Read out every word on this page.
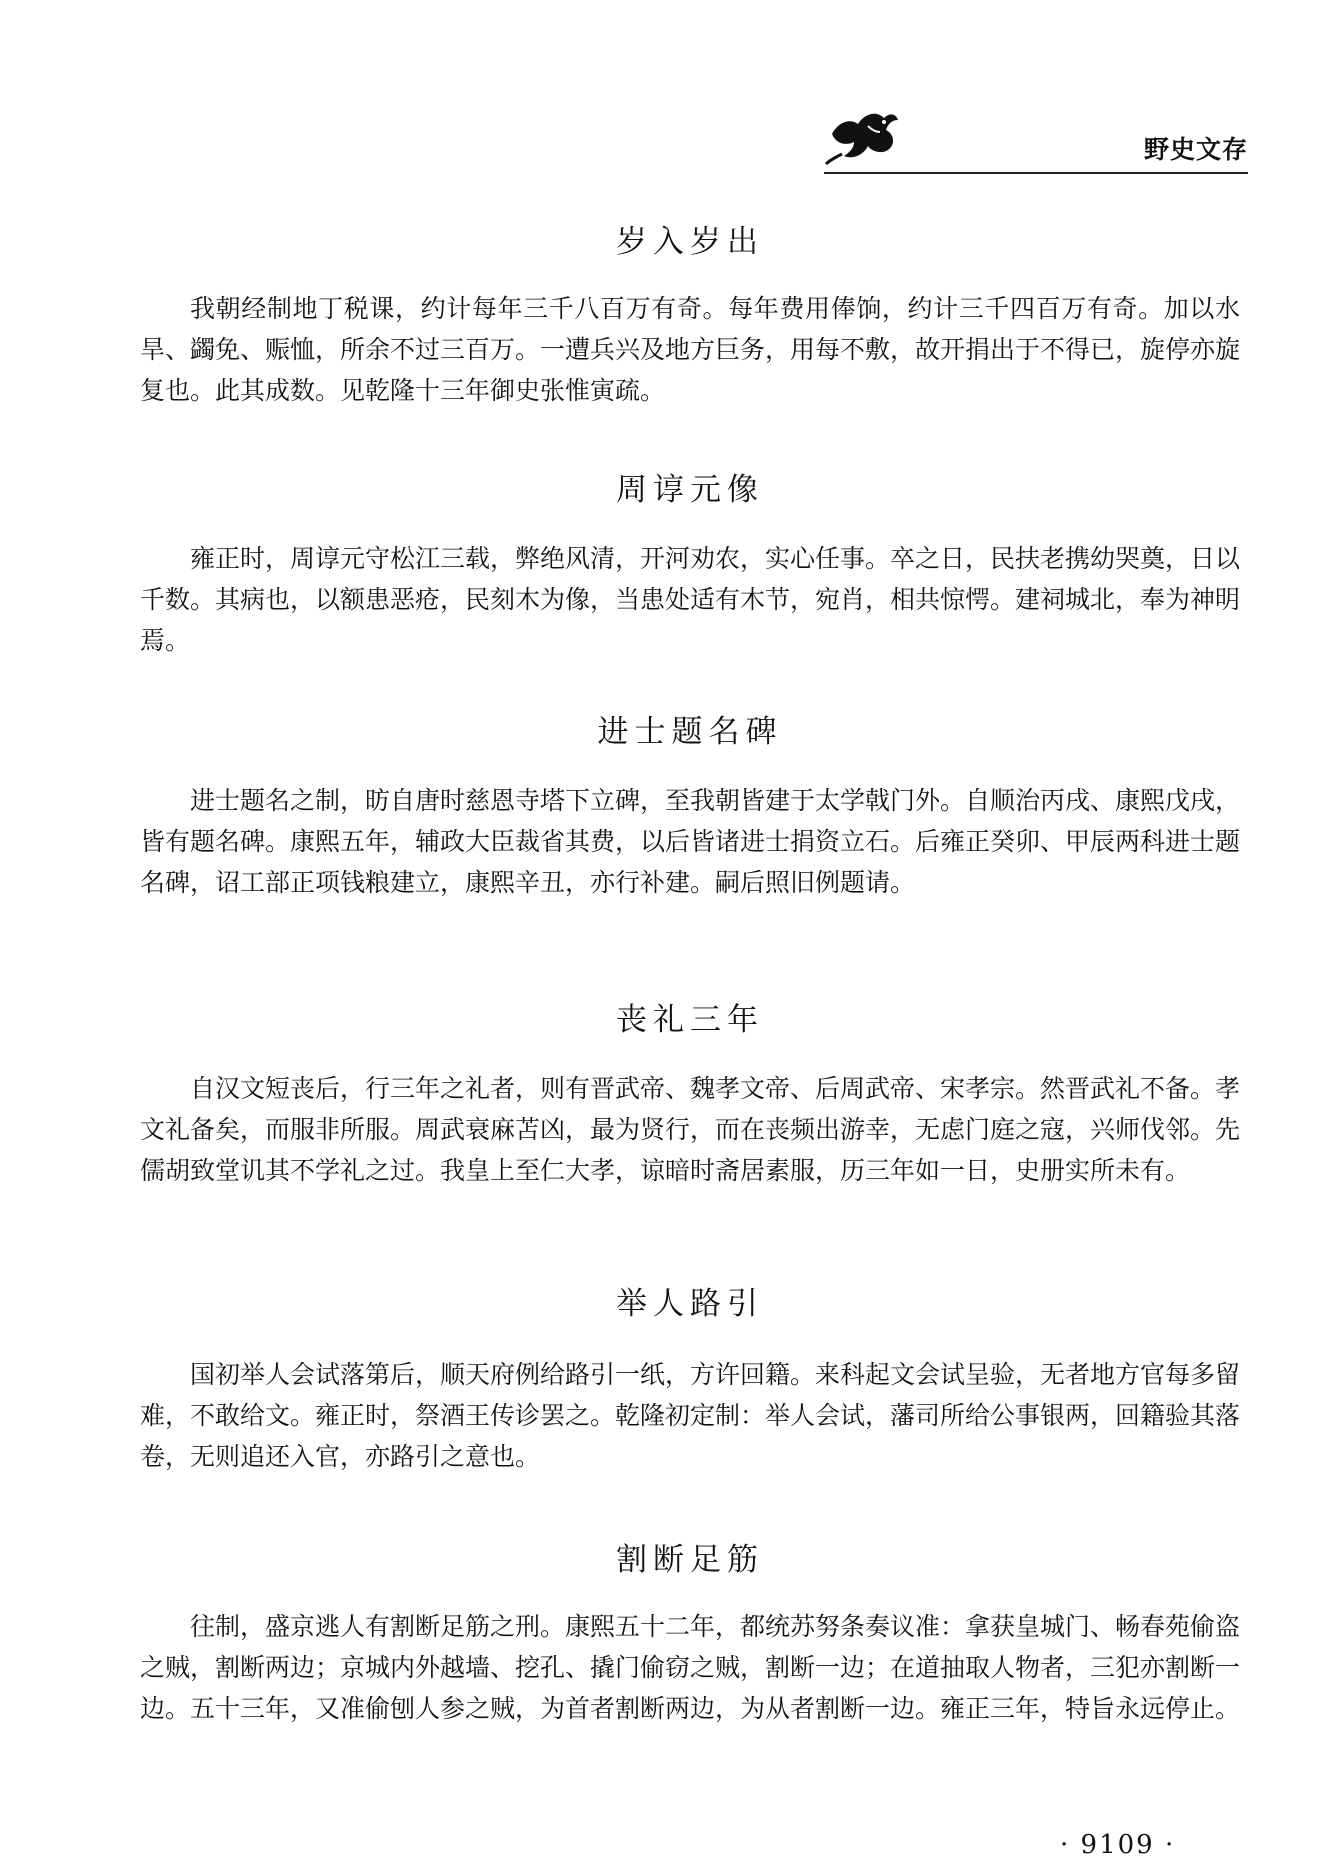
野史文存
岁入岁出

我朝经制地丁税课，约计每年三千八百万有奇。每年费用俸饷，约计三千四百万有奇。加以水旱、蠲免、赈恤，所余不过三百万。一遭兵兴及地方巨务，用每不敷，故开捐出于不得已，旋停亦旋复也。此其成数。见乾隆十三年御史张惟寅疏。

周谆元像

雍正时，周谆元守松江三载，弊绝风清，开河劝农，实心任事。卒之日，民扶老携幼哭奠，日以千数。其病也，以额患恶疮，民刻木为像，当患处适有木节，宛肖，相共惊愕。建祠城北，奉为神明焉。

进士题名碑

进士题名之制，昉自唐时慈恩寺塔下立碑，至我朝皆建于太学戟门外。自顺治丙戌、康熙戊戌，皆有题名碑。康熙五年，辅政大臣裁省其费，以后皆诸进士捐资立石。后雍正癸卯、甲辰两科进士题名碑，诏工部正项钱粮建立，康熙辛丑，亦行补建。嗣后照旧例题请。

丧礼三年

自汉文短丧后，行三年之礼者，则有晋武帝、魏孝文帝、后周武帝、宋孝宗。然晋武礼不备。孝文礼备矣，而服非所服。周武衰麻苫凶，最为贤行，而在丧频出游幸，无虑门庭之寇，兴师伐邻。先儒胡致堂讥其不学礼之过。我皇上至仁大孝，谅暗时斋居素服，历三年如一日，史册实所未有。

举人路引

国初举人会试落第后，顺天府例给路引一纸，方许回籍。来科起文会试呈验，无者地方官每多留难，不敢给文。雍正时，祭酒王传诊罢之。乾隆初定制：举人会试，藩司所给公事银两，回籍验其落卷，无则追还入官，亦路引之意也。

割断足筋

往制，盛京逃人有割断足筋之刑。康熙五十二年，都统苏努条奏议准：拿获皇城门、畅春苑偷盗之贼，割断两边；京城内外越墙、挖孔、撬门偷窃之贼，割断一边；在道抽取人物者，三犯亦割断一边。五十三年，又准偷刨人参之贼，为首者割断两边，为从者割断一边。雍正三年，特旨永远停止。

· 9109 ·
